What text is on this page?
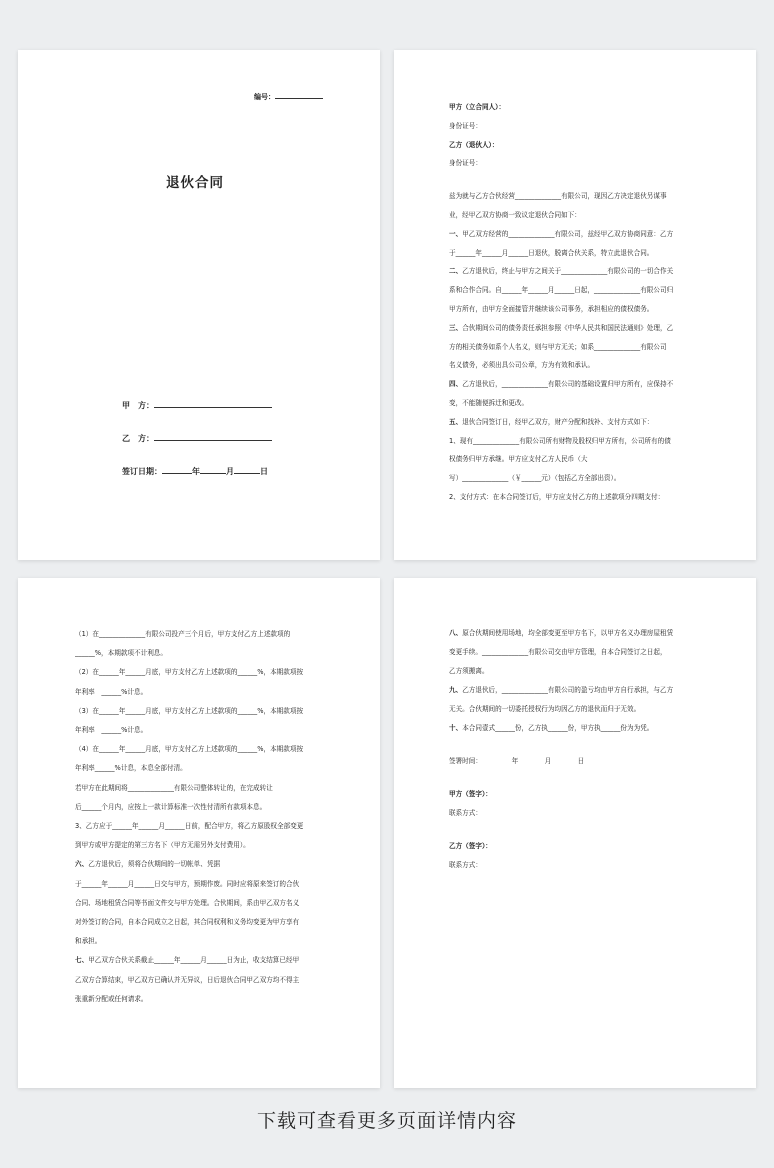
编号：
退伙合同
甲　方：
乙　方：
签订日期：	年	月	日

甲方（立合同人）：

身份证号：

乙方（退伙人）：

身份证号：

兹为就与乙方合伙经营______________有限公司，现因乙方决定退伙另谋事

业，经甲乙双方协商一致议定退伙合同如下：

一、甲乙双方经营的______________有限公司，兹经甲乙双方协商同意：乙方

于______年______月______日退伙，脱离合伙关系，特立此退伙合同。

二、乙方退伙后，终止与甲方之间关于______________有限公司的一切合作关

系和合作合同。自______年______月______日起，______________有限公司归

甲方所有，由甲方全面接管并继续该公司事务，承担相应的债权债务。

三、合伙期间公司的债务责任承担参照《中华人民共和国民法通则》处理，乙

方的相关债务如系个人名义，则与甲方无关；如系______________有限公司

名义债务，必须出具公司公章，方为有效和承认。

四、乙方退伙后，______________有限公司的基础设置归甲方所有，应保持不

变，不能随便拆迁和更改。

五、退伙合同签订日，经甲乙双方，财产分配和找补、支付方式如下：

1、现有______________有限公司所有财物及股权归甲方所有，公司所有的债

权债务归甲方承继。甲方应支付乙方人民币（大

写）______________（￥______元）（包括乙方全部出资）。

2、支付方式：在本合同签订后，甲方应支付乙方的上述款项分四期支付：

（1）在______________有限公司投产三个月后，甲方支付乙方上述款项的

______%，本期款项不计利息。

（2）在______年______月底，甲方支付乙方上述款项的______%，本期款项按

年利率　______%计息。

（3）在______年______月底，甲方支付乙方上述款项的______%，本期款项按

年利率　______%计息。

（4）在______年______月底，甲方支付乙方上述款项的______%，本期款项按

年利率______%计息，本息全部付清。

若甲方在此期间将______________有限公司整体转让的，在完成转让

后______个月内，应按上一款计算标准一次性付清所有款项本息。

3、乙方应于______年______月______日前，配合甲方，将乙方原股权全部变更

到甲方或甲方提定的第三方名下（甲方无需另外支付费用）。

六、乙方退伙后，须将合伙期间的一切帐单、凭据

于______年______月______日交与甲方，预期作废。同时应将原来签订的合伙

合同、场地租赁合同等书面文件交与甲方处理。合伙期间，系由甲乙双方名义

对外签订的合同，自本合同成立之日起，其合同权利和义务均变更为甲方享有

和承担。

七、甲乙双方合伙关系截止______年______月______日为止，收支结算已经甲

乙双方合算结束，甲乙双方已确认并无异议，日后退伙合同甲乙双方均不得主

张重新分配或任何请求。

八、原合伙期间使用场地，均全部变更至甲方名下，以甲方名义办理房屋租赁

变更手续。______________有限公司交由甲方管理，自本合同签订之日起，

乙方须搬离。

九、乙方退伙后，______________有限公司的盈亏均由甲方自行承担，与乙方

无关。合伙期间的一切委托授权行为均因乙方的退伙而归于无效。

十、本合同壹式______份，乙方执______份，甲方执______份为为凭。

签署时间：　　　　　年　　　　月　　　　日

甲方（签字）：

联系方式：

乙方（签字）：

联系方式：

下载可查看更多页面详情内容
